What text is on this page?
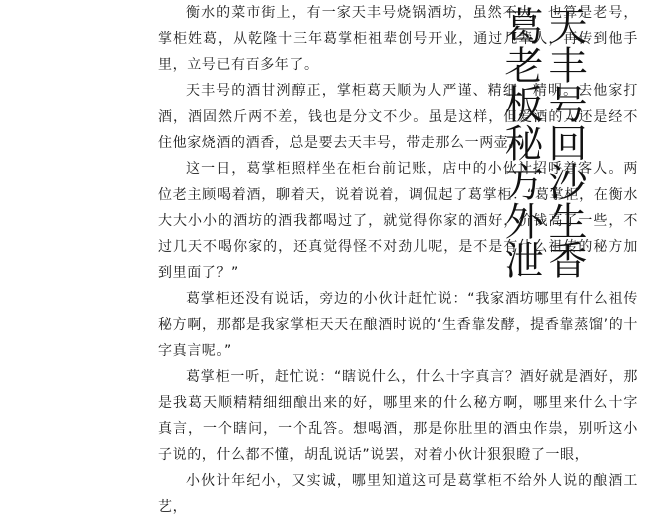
天丰号回沙生香
葛老板秘方外泄

衡水的菜市街上，有一家天丰号烧锅酒坊，虽然不大，也算是老号，掌柜姓葛，从乾隆十三年葛掌柜祖辈创号开业，通过几辈人，再传到他手里，立号已有百多年了。

天丰号的酒甘洌醇正，掌柜葛天顺为人严谨、精细、精明。去他家打酒，酒固然斤两不差，钱也是分文不少。虽是这样，但爱酒的人还是经不住他家烧酒的酒香，总是要去天丰号，带走那么一两壶。

这一日，葛掌柜照样坐在柜台前记账，店中的小伙计招呼着客人。两位老主顾喝着酒，聊着天，说着说着，调侃起了葛掌柜：“葛掌柜，在衡水大大小小的酒坊的酒我都喝过了，就觉得你家的酒好，价钱高了一些，不过几天不喝你家的，还真觉得怪不对劲儿呢，是不是有什么祖传的秘方加到里面了？”

葛掌柜还没有说话，旁边的小伙计赶忙说：“我家酒坊哪里有什么祖传秘方啊，那都是我家掌柜天天在酿酒时说的‘生香靠发酵，提香靠蒸馏’的十字真言呢。”

葛掌柜一听，赶忙说：“瞎说什么，什么十字真言？酒好就是酒好，那是我葛天顺精精细细酿出来的好，哪里来的什么秘方啊，哪里来什么十字真言，一个瞎问，一个乱答。想喝酒，那是你肚里的酒虫作祟，别听这小子说的，什么都不懂，胡乱说话”说罢，对着小伙计狠狠瞪了一眼，

小伙计年纪小，又实诚，哪里知道这可是葛掌柜不给外人说的酿酒工艺，
